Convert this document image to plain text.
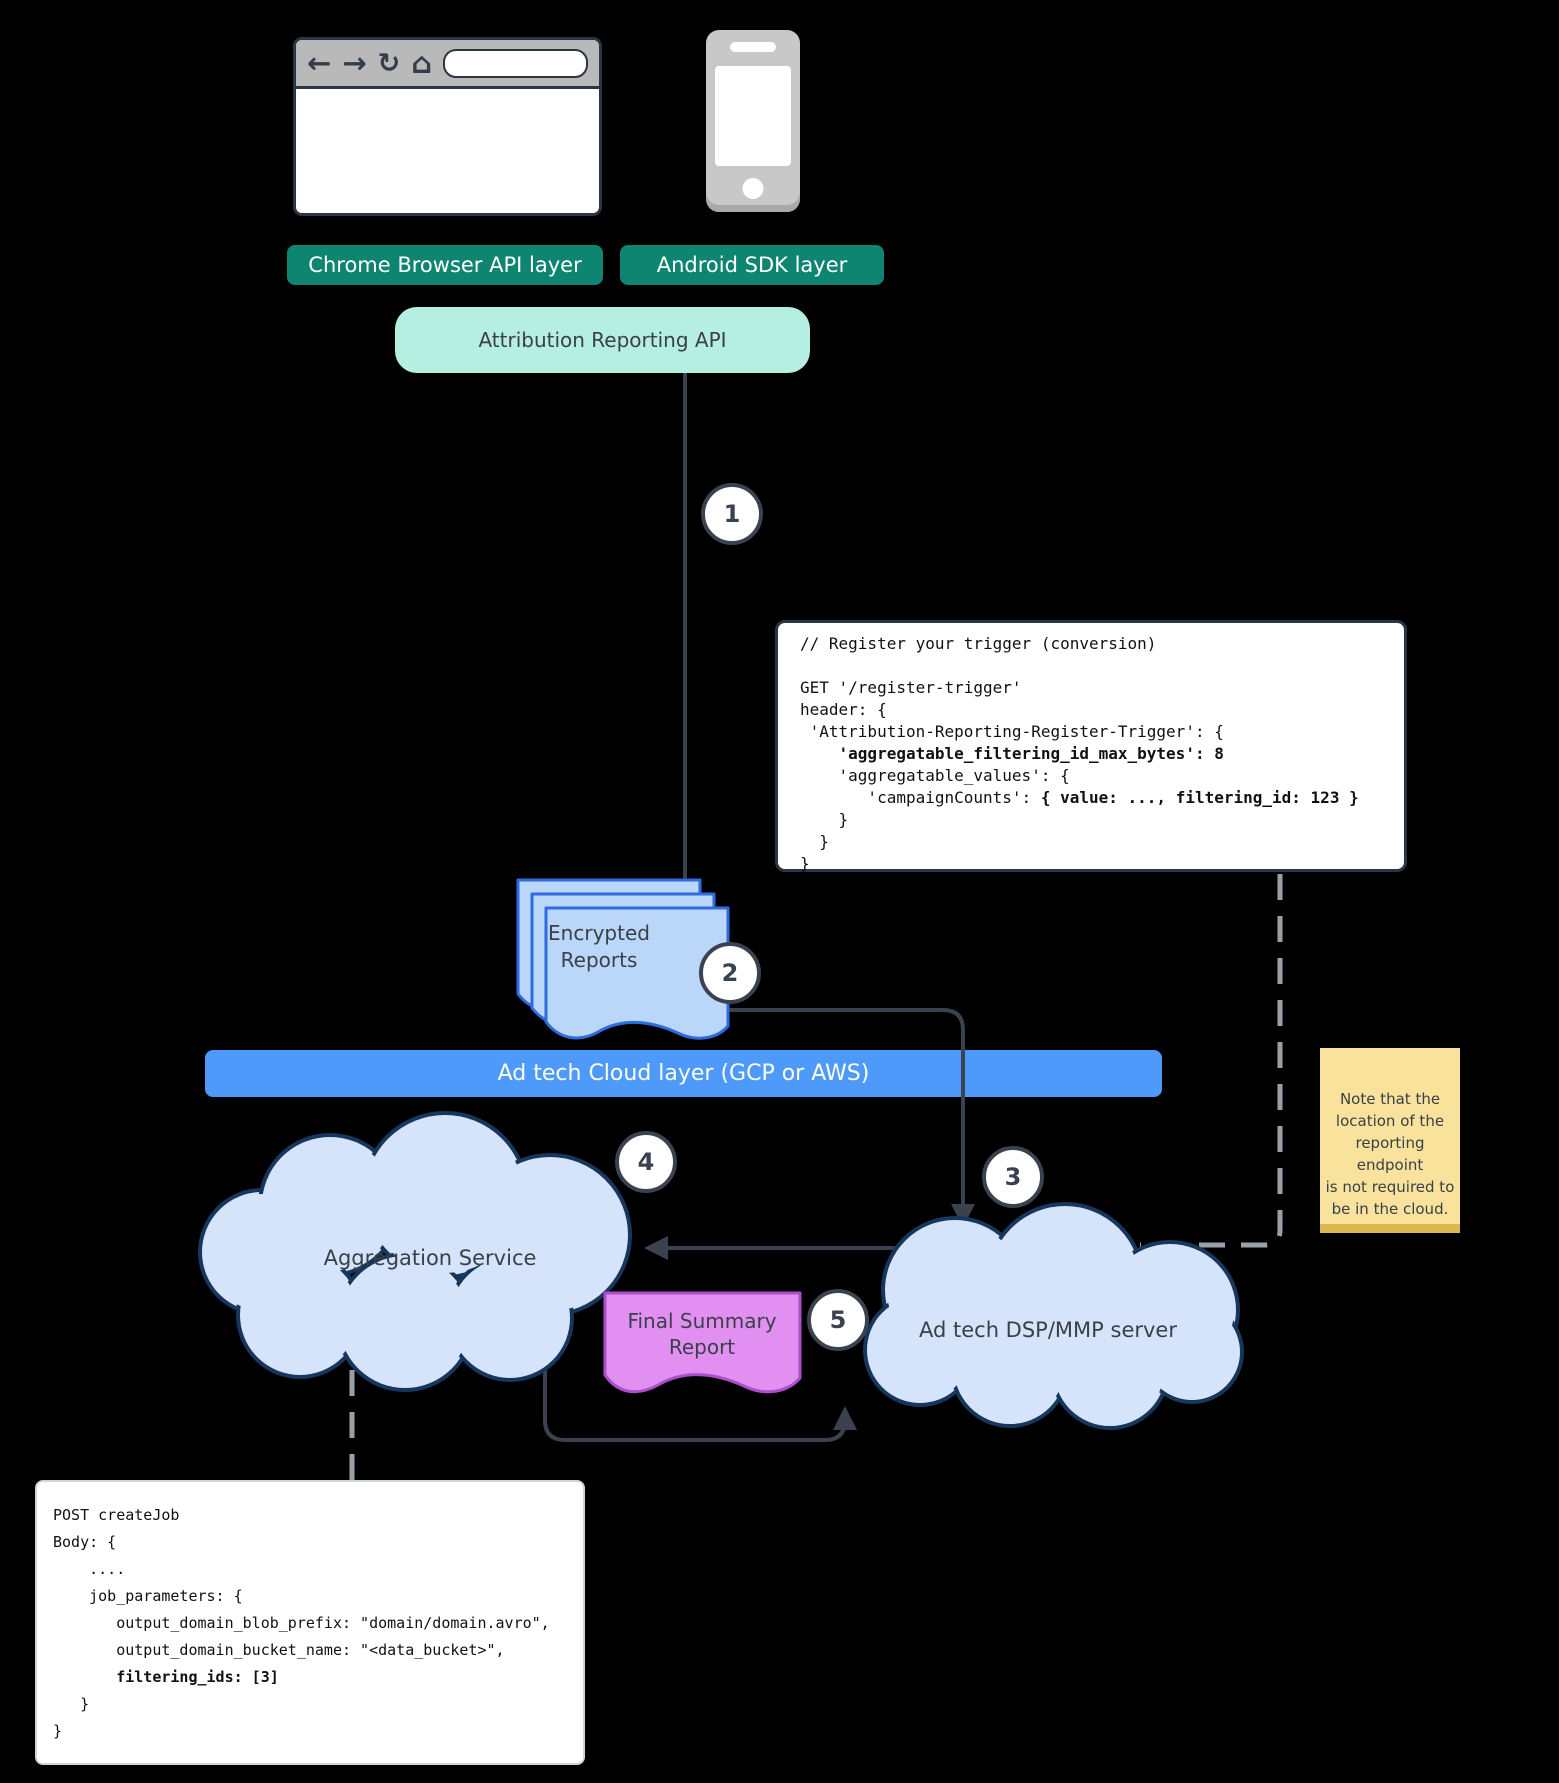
Ad tech Cloud layer (GCP or AWS)
← → ↻ ⌂
Chrome Browser API layer	Android SDK layer
Attribution Reporting API
// Register your trigger (conversion)

GET '/register-trigger'
header: {
'Attribution-Reporting-Register-Trigger': {
'aggregatable_filtering_id_max_bytes': 8
'aggregatable_values': {
'campaignCounts': { value: ..., filtering_id: 123 }
}
}
}
POST createJob
Body: {
....
job_parameters: {
output_domain_blob_prefix: "domain/domain.avro",
output_domain_bucket_name: "<data_bucket>",
filtering_ids: [3]
}
}
Note that the
location of the
reporting endpoint
is not required to
be in the cloud.
Encrypted
Reports
Aggregation Service
Ad tech DSP/MMP server
Final Summary
Report
1
2
3
4
5
